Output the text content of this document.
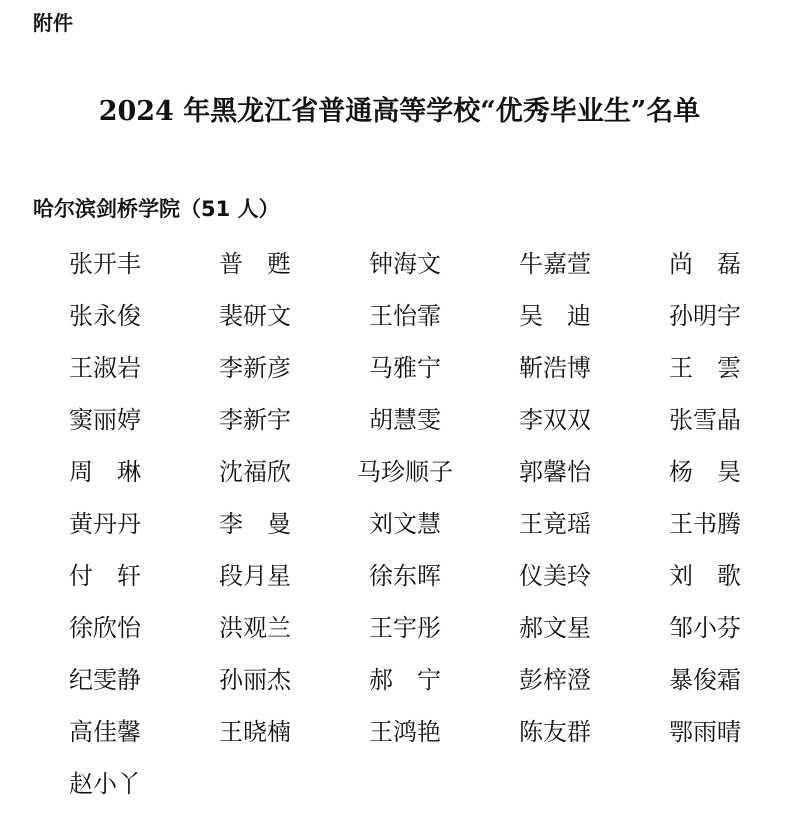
附件

2024 年黑龙江省普通高等学校“优秀毕业生”名单
哈尔滨剑桥学院（51 人）
张开丰	普　甦	钟海文	牛嘉萱	尚　磊
张永俊	裴研文	王怡霏	吴　迪	孙明宇
王淑岩	李新彦	马雅宁	靳浩博	王　雲
窦丽婷	李新宇	胡慧雯	李双双	张雪晶
周　琳	沈福欣	马珍顺子	郭馨怡	杨　昊
黄丹丹	李　曼	刘文慧	王竟瑶	王书腾
付　轩	段月星	徐东晖	仪美玲	刘　歌
徐欣怡	洪观兰	王宇彤	郝文星	邹小芬
纪雯静	孙丽杰	郝　宁	彭梓澄	暴俊霜
高佳馨	王晓楠	王鸿艳	陈友群	鄂雨晴
赵小丫
